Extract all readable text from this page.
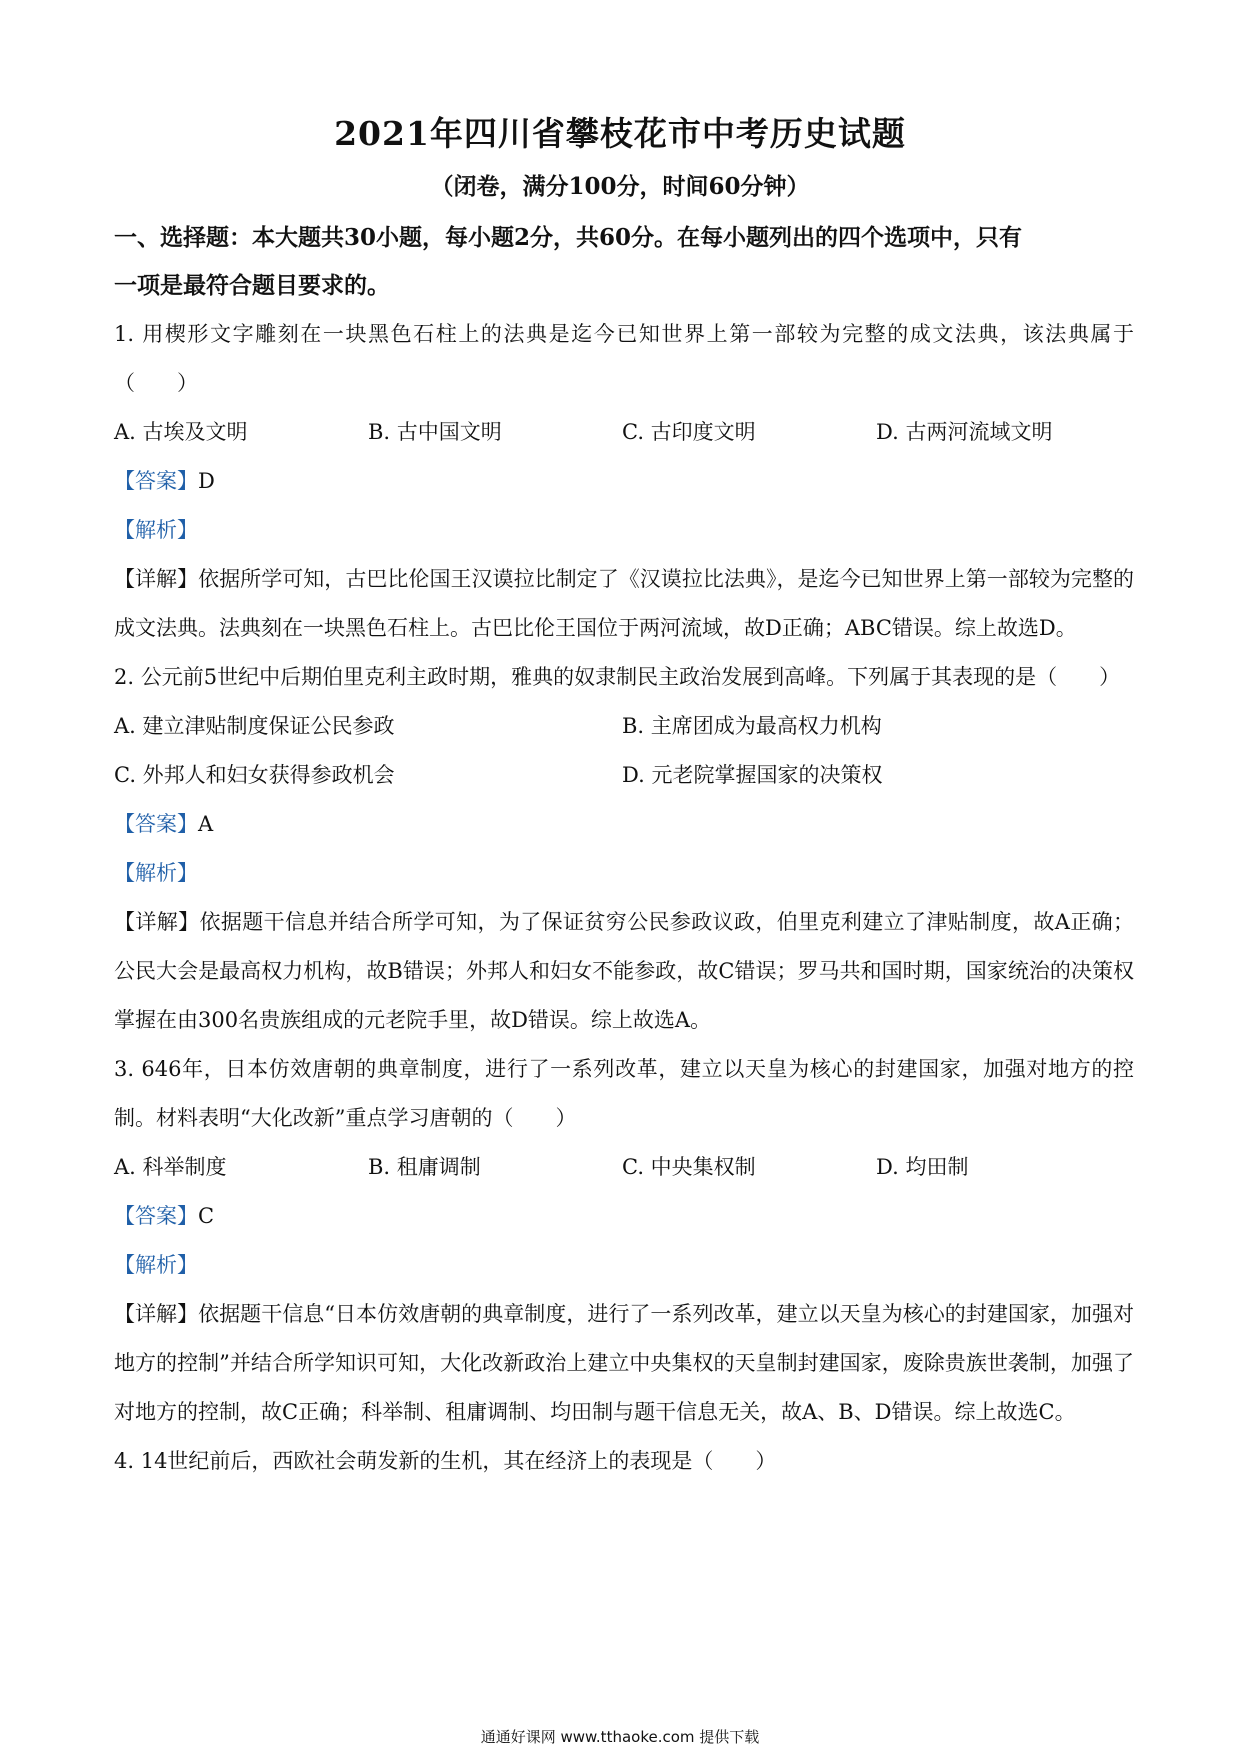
2021年四川省攀枝花市中考历史试题
（闭卷，满分100分，时间60分钟）

一、选择题：本大题共30小题，每小题2分，共60分。在每小题列出的四个选项中，只有

一项是最符合题目要求的。

1. 用楔形文字雕刻在一块黑色石柱上的法典是迄今已知世界上第一部较为完整的成文法典，该法典属于（　　）

A. 古埃及文明	B. 古中国文明	C. 古印度文明	D. 古两河流域文明

【答案】D

【解析】

【详解】依据所学可知，古巴比伦国王汉谟拉比制定了《汉谟拉比法典》，是迄今已知世界上第一部较为完整的成文法典。法典刻在一块黑色石柱上。古巴比伦王国位于两河流域，故D正确；ABC错误。综上故选D。

2. 公元前5世纪中后期伯里克利主政时期，雅典的奴隶制民主政治发展到高峰。下列属于其表现的是（　　）

A. 建立津贴制度保证公民参政	B. 主席团成为最高权力机构
C. 外邦人和妇女获得参政机会	D. 元老院掌握国家的决策权

【答案】A

【解析】

【详解】依据题干信息并结合所学可知，为了保证贫穷公民参政议政，伯里克利建立了津贴制度，故A正确；公民大会是最高权力机构，故B错误；外邦人和妇女不能参政，故C错误；罗马共和国时期，国家统治的决策权掌握在由300名贵族组成的元老院手里，故D错误。综上故选A。

3. 646年，日本仿效唐朝的典章制度，进行了一系列改革，建立以天皇为核心的封建国家，加强对地方的控制。材料表明“大化改新”重点学习唐朝的（　　）

A. 科举制度	B. 租庸调制	C. 中央集权制	D. 均田制

【答案】C

【解析】

【详解】依据题干信息“日本仿效唐朝的典章制度，进行了一系列改革，建立以天皇为核心的封建国家，加强对地方的控制”并结合所学知识可知，大化改新政治上建立中央集权的天皇制封建国家，废除贵族世袭制，加强了对地方的控制，故C正确；科举制、租庸调制、均田制与题干信息无关，故A、B、D错误。综上故选C。

4. 14世纪前后，西欧社会萌发新的生机，其在经济上的表现是（　　）

通通好课网 www.tthaoke.com 提供下载
